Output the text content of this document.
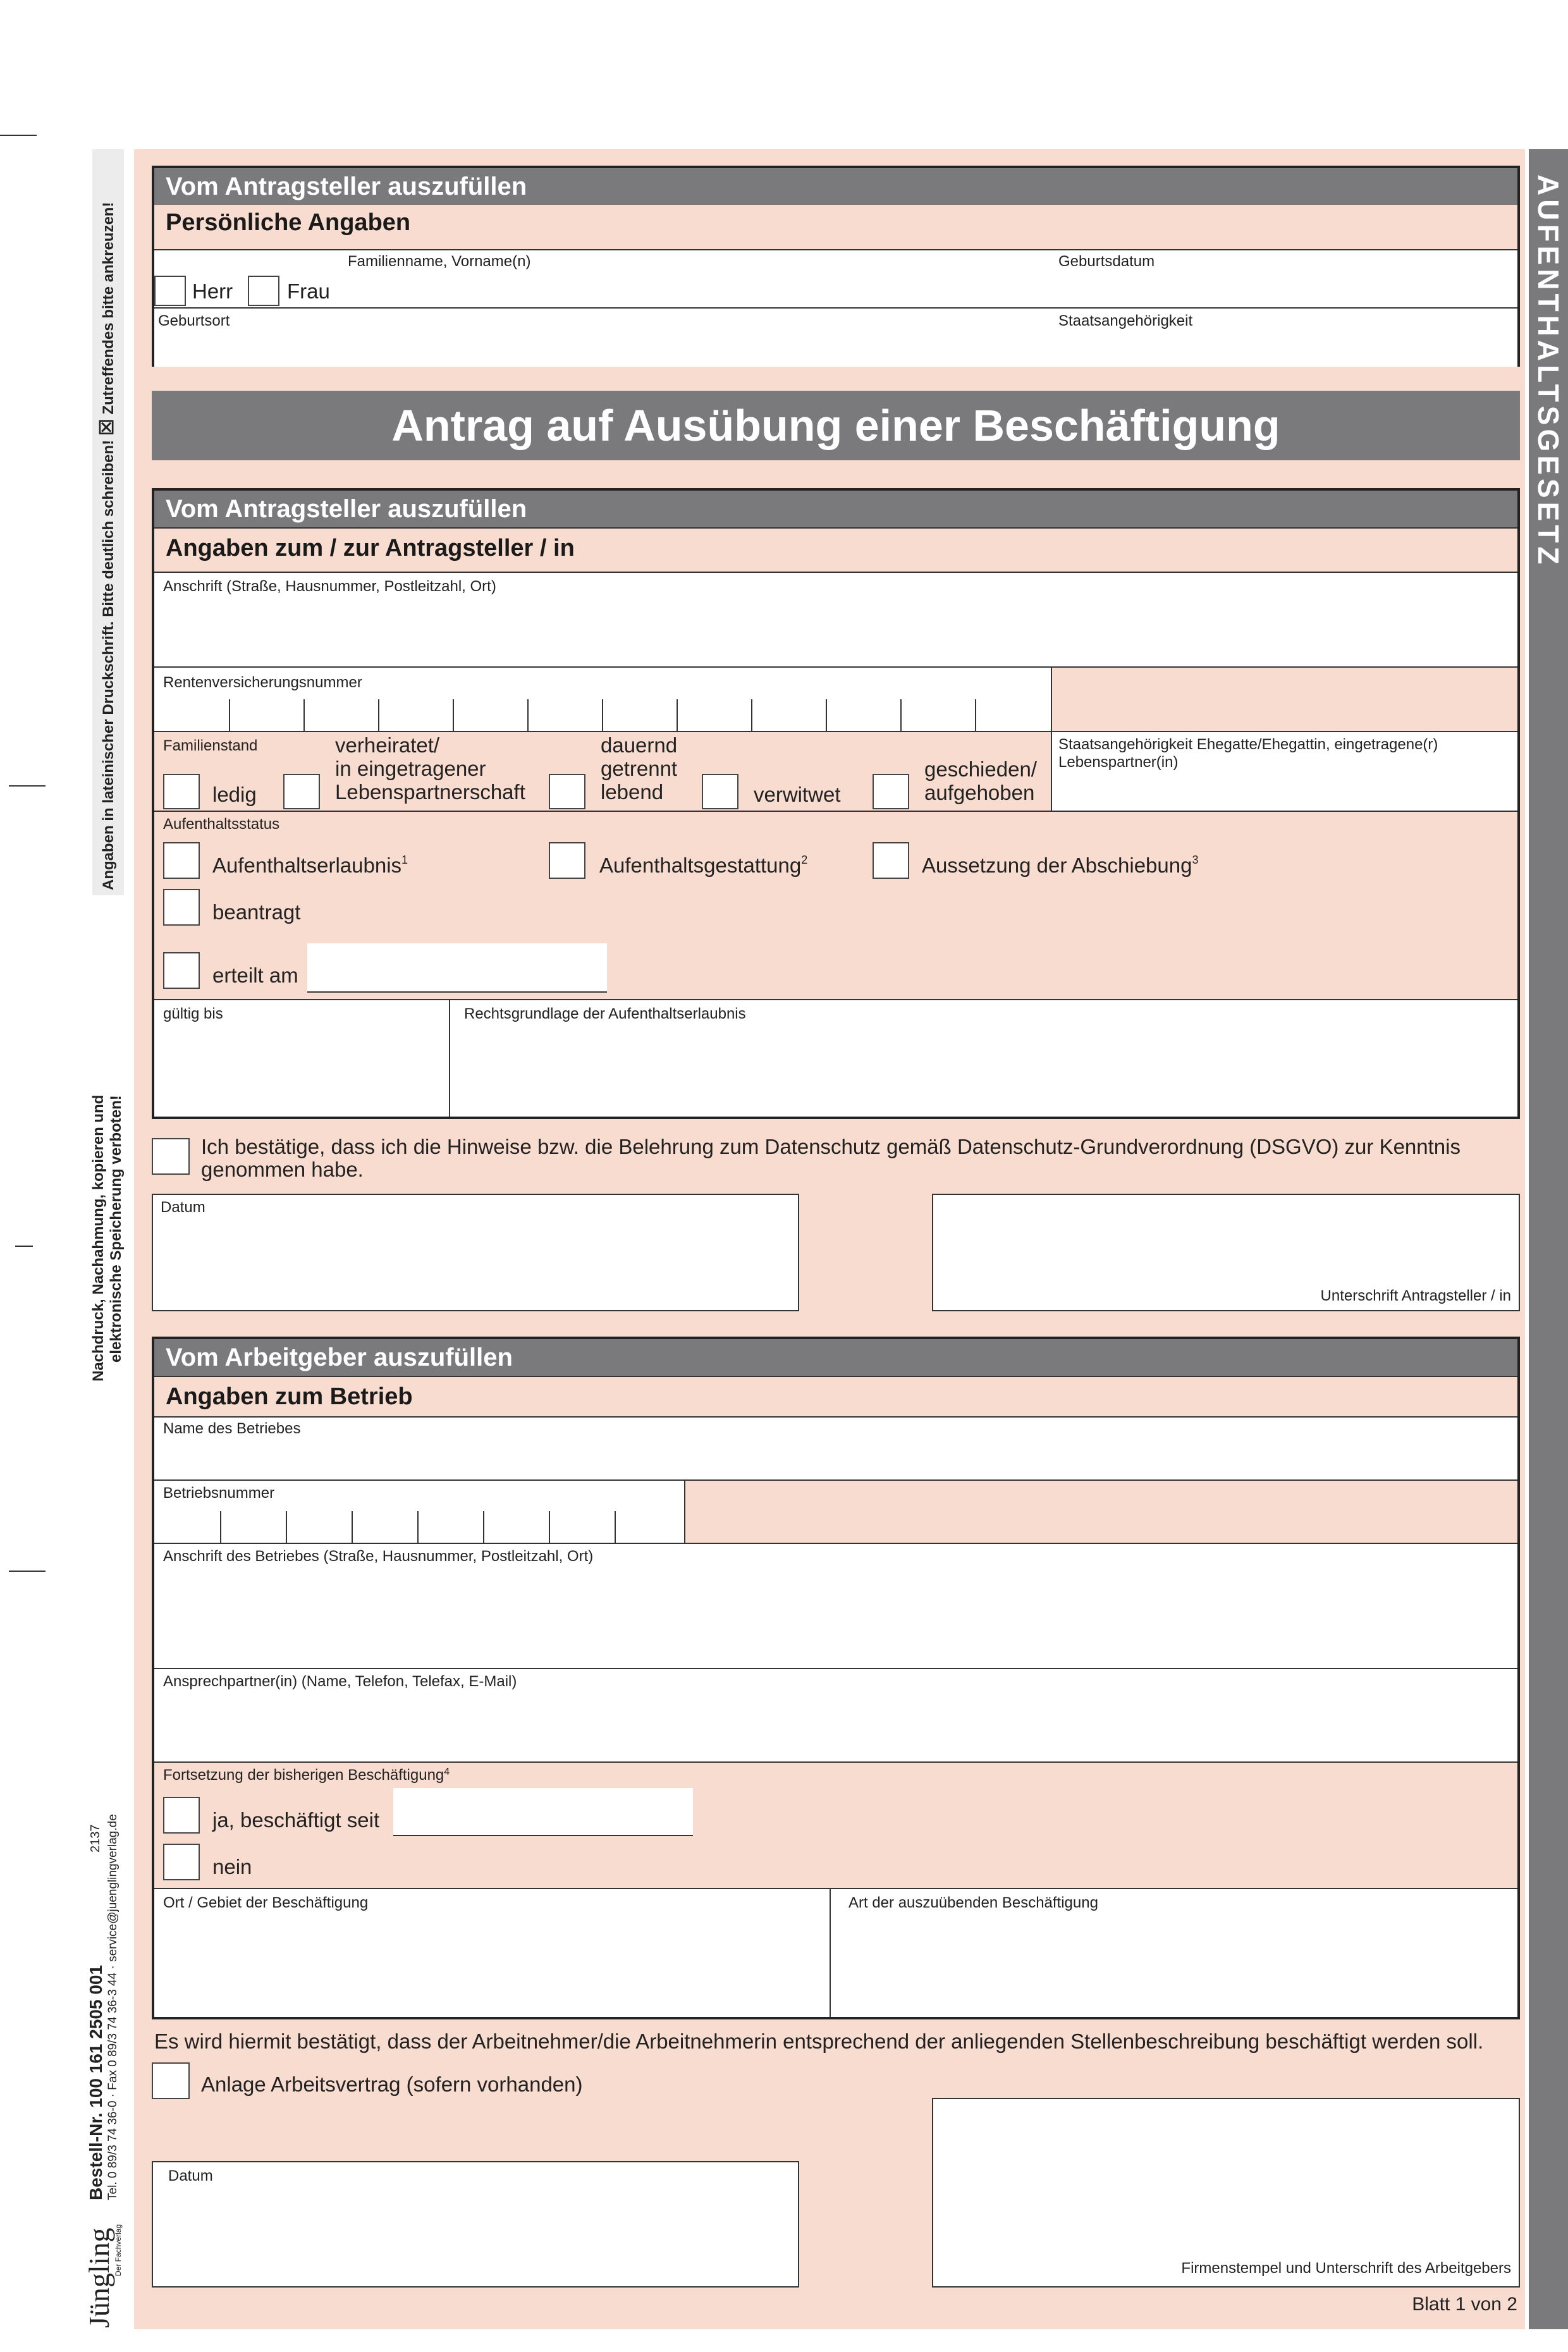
Angaben in lateinischer Druckschrift. Bitte deutlich schreiben! ☒ Zutreffendes bitte ankreuzen!
Nachdruck, Nachahmung, kopieren und elektronische Speicherung verboten!
2137
Bestell-Nr. 100 161 2505 001 Tel. 0 89/3 74 36-0 · Fax 0 89/3 74 36-3 44 · service@juenglingverlag.de
Jüngling
Der Fachverlag
AUFENTHALTSGESETZ
Vom Antragsteller auszufüllen
Persönliche Angaben
Familienname, Vorname(n)	Geburtsdatum
Herr	Frau
Geburtsort	Staatsangehörigkeit
Antrag auf Ausübung einer Beschäftigung
Vom Antragsteller auszufüllen
Angaben zum / zur Antragsteller / in
Anschrift (Straße, Hausnummer, Postleitzahl, Ort)
Rentenversicherungsnummer
Familienstand
ledig
verheiratet/
in eingetragener
Lebenspartnerschaft
dauernd
getrennt
lebend	verwitwet
geschieden/
aufgehoben
Staatsangehörigkeit Ehegatte/Ehegattin, eingetragene(r) Lebenspartner(in)
Aufenthaltsstatus
Aufenthaltserlaubnis$^1$	Aufenthaltsgestattung$^2$	Aussetzung der Abschiebung$^3$
beantragt
erteilt am
gültig bis	Rechtsgrundlage der Aufenthaltserlaubnis
Ich bestätige, dass ich die Hinweise bzw. die Belehrung zum Datenschutz gemäß Datenschutz-Grundverordnung (DSGVO) zur Kenntnis
genommen habe.
Datum
Unterschrift Antragsteller / in
Vom Arbeitgeber auszufüllen
Angaben zum Betrieb
Name des Betriebes
Betriebsnummer
Anschrift des Betriebes (Straße, Hausnummer, Postleitzahl, Ort)
Ansprechpartner(in) (Name, Telefon, Telefax, E-Mail)
Fortsetzung der bisherigen Beschäftigung$^4$
ja, beschäftigt seit
nein
Ort / Gebiet der Beschäftigung	Art der auszuübenden Beschäftigung
Es wird hiermit bestätigt, dass der Arbeitnehmer/die Arbeitnehmerin entsprechend der anliegenden Stellenbeschreibung beschäftigt werden soll.
Anlage Arbeitsvertrag (sofern vorhanden)
Datum
Firmenstempel und Unterschrift des Arbeitgebers
Blatt 1 von 2
